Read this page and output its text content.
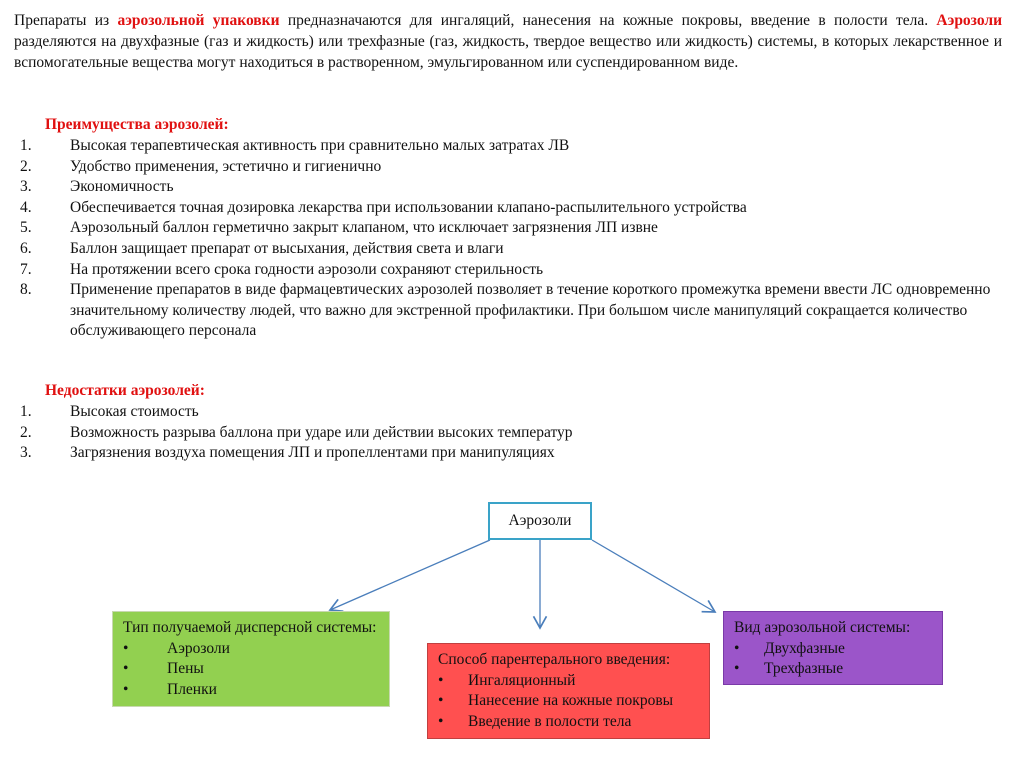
Препараты из аэрозольной упаковки предназначаются для ингаляций, нанесения на кожные покровы, введение в полости тела. Аэрозоли разделяются на двухфазные (газ и жидкость) или трехфазные (газ, жидкость, твердое вещество или жидкость) системы, в которых лекарственное и вспомогательные вещества могут находиться в растворенном, эмульгированном или суспендированном виде.
Преимущества аэрозолей:
1. Высокая терапевтическая активность при сравнительно малых затратах ЛВ
2. Удобство применения, эстетично и гигиенично
3. Экономичность
4. Обеспечивается точная дозировка лекарства при использовании клапано-распылительного устройства
5. Аэрозольный баллон герметично закрыт клапаном, что исключает загрязнения ЛП извне
6. Баллон защищает препарат от высыхания, действия света и влаги
7. На протяжении всего срока годности аэрозоли сохраняют стерильность
8. Применение препаратов в виде фармацевтических аэрозолей позволяет в течение короткого промежутка времени ввести ЛС одновременно значительному количеству людей, что важно для экстренной профилактики. При большом числе манипуляций сокращается количество обслуживающего персонала
Недостатки аэрозолей:
1. Высокая стоимость
2. Возможность разрыва баллона при ударе или действии высоких температур
3. Загрязнения воздуха помещения ЛП и пропеллентами при манипуляциях
Аэрозоли
Тип получаемой дисперсной системы:
• Аэрозоли
• Пены
• Пленки
Способ парентерального введения:
• Ингаляционный
• Нанесение на кожные покровы
• Введение в полости тела
Вид аэрозольной системы:
• Двухфазные
• Трехфазные
